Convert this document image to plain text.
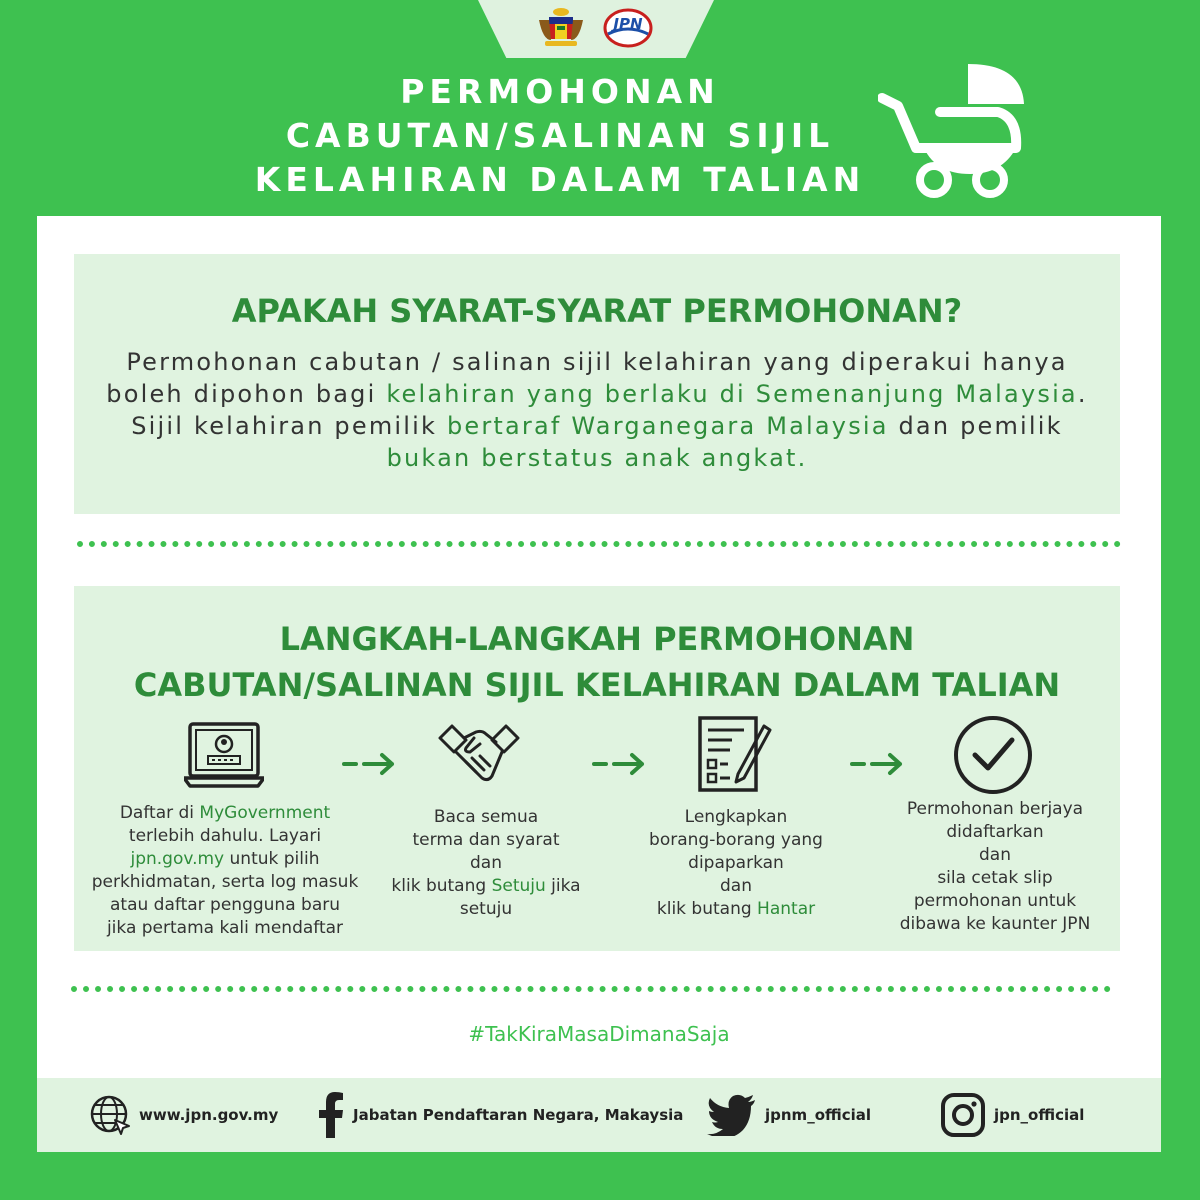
JPN
PERMOHONAN
CABUTAN/SALINAN SIJIL
KELAHIRAN DALAM TALIAN
APAKAH SYARAT-SYARAT PERMOHONAN?
Permohonan cabutan / salinan sijil kelahiran yang diperakui hanya
boleh dipohon bagi kelahiran yang berlaku di Semenanjung Malaysia.
Sijil kelahiran pemilik bertaraf Warganegara Malaysia dan pemilik
bukan berstatus anak angkat.
LANGKAH-LANGKAH PERMOHONAN
CABUTAN/SALINAN SIJIL KELAHIRAN DALAM TALIAN
Daftar di MyGovernment
terlebih dahulu. Layari
jpn.gov.my untuk pilih
perkhidmatan, serta log masuk
atau daftar pengguna baru
jika pertama kali mendaftar
Baca semua
terma dan syarat
dan
klik butang Setuju jika
setuju
Lengkapkan
borang-borang yang
dipaparkan
dan
klik butang Hantar
Permohonan berjaya
didaftarkan
dan
sila cetak slip
permohonan untuk
dibawa ke kaunter JPN
#TakKiraMasaDimanaSaja
www.jpn.gov.my	Jabatan Pendaftaran Negara, Makaysia	jpnm_official	jpn_official
